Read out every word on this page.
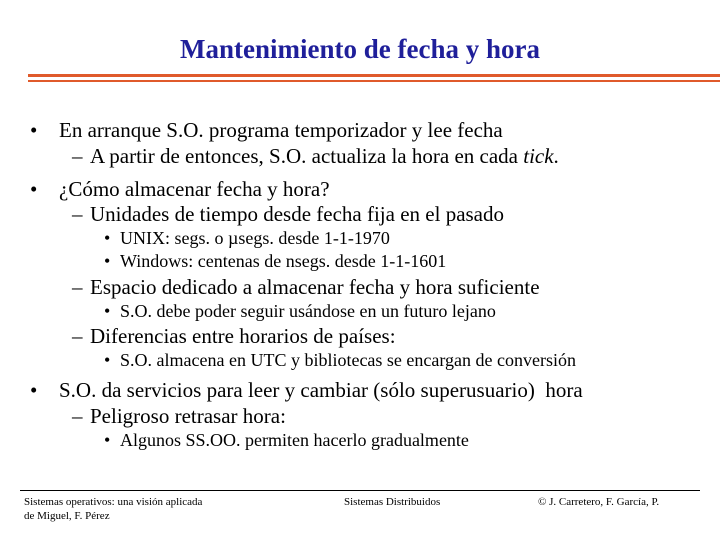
Mantenimiento de fecha y hora
• En arranque S.O. programa temporizador y lee fecha
– A partir de entonces, S.O. actualiza la hora en cada tick.
• ¿Cómo almacenar fecha y hora?
– Unidades de tiempo desde fecha fija en el pasado
• UNIX: segs. o µsegs. desde 1-1-1970
• Windows: centenas de nsegs. desde 1-1-1601
– Espacio dedicado a almacenar fecha y hora suficiente
• S.O. debe poder seguir usándose en un futuro lejano
– Diferencias entre horarios de países:
• S.O. almacena en UTC y bibliotecas se encargan de conversión
• S.O. da servicios para leer y cambiar (sólo superusuario)  hora
– Peligroso retrasar hora:
• Algunos SS.OO. permiten hacerlo gradualmente
Sistemas operativos: una visión aplicada
de Miguel, F. Pérez
Sistemas Distribuidos	© J. Carretero, F. García, P.
